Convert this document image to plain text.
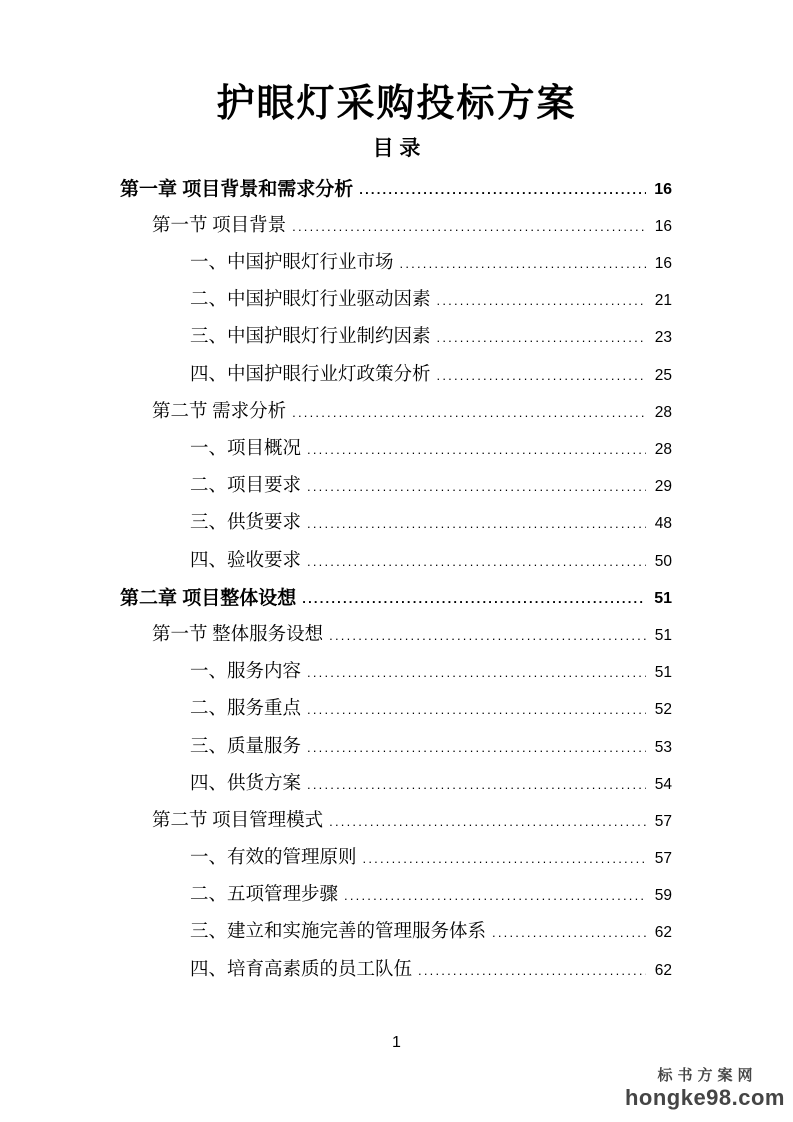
护眼灯采购投标方案
目 录
第一章 项目背景和需求分析 .....	16
第一节 项目背景 .....	16
一、中国护眼灯行业市场 .....	16
二、中国护眼灯行业驱动因素 .....	21
三、中国护眼灯行业制约因素 .....	23
四、中国护眼行业灯政策分析 .....	25
第二节 需求分析 .....	28
一、项目概况 .....	28
二、项目要求 .....	29
三、供货要求 .....	48
四、验收要求 .....	50
第二章 项目整体设想 .....	51
第一节 整体服务设想 .....	51
一、服务内容 .....	51
二、服务重点 .....	52
三、质量服务 .....	53
四、供货方案 .....	54
第二节 项目管理模式 .....	57
一、有效的管理原则 .....	57
二、五项管理步骤 .....	59
三、建立和实施完善的管理服务体系 .....	62
四、培育高素质的员工队伍 .....	62
1
标书方案网
hongke98.com
